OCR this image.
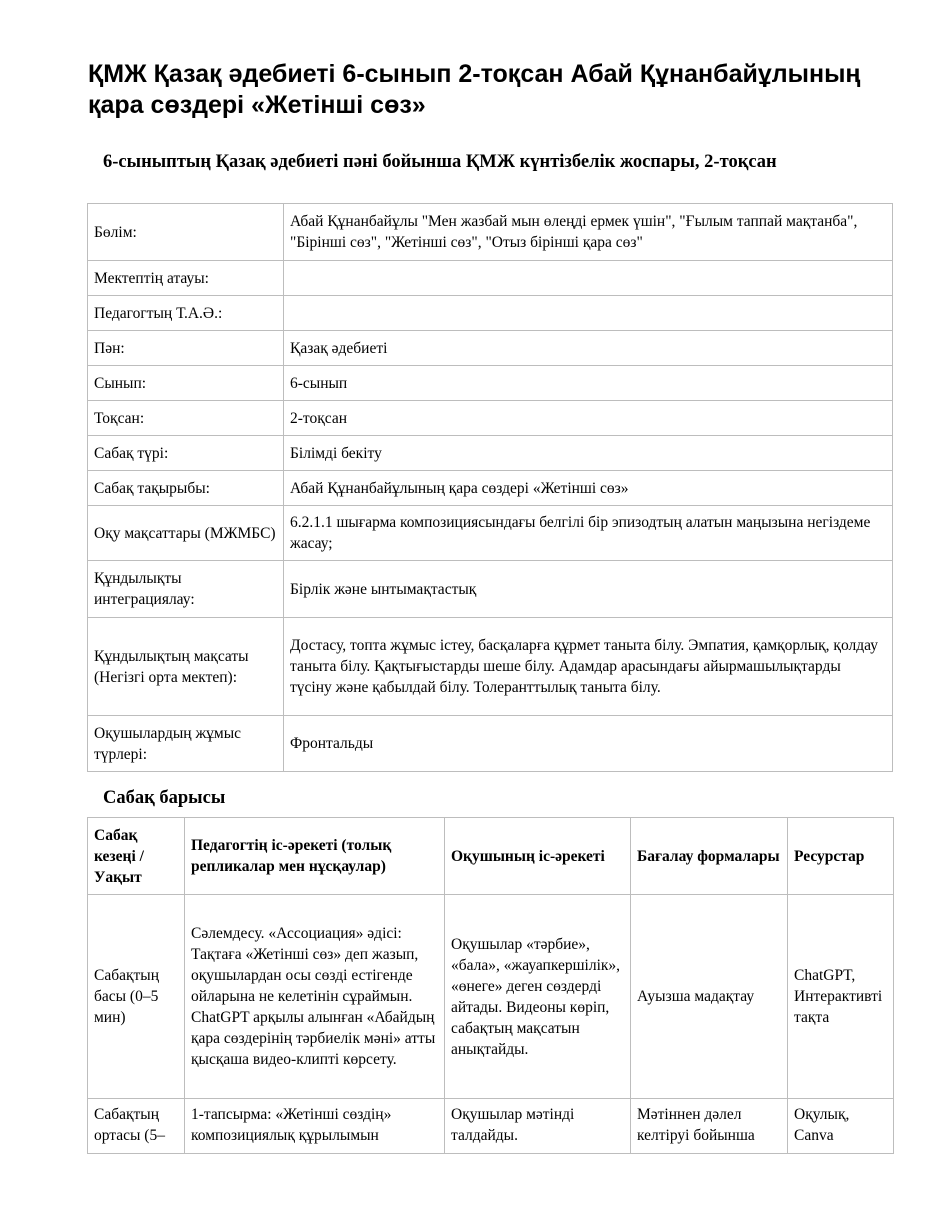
ҚМЖ Қазақ әдебиеті 6-сынып 2-тоқсан Абай Құнанбайұлының қара сөздері «Жетінші сөз»
6-сыныптың Қазақ әдебиеті пәні бойынша ҚМЖ күнтізбелік жоспары, 2-тоқсан
Бөлім:	Абай Құнанбайұлы "Мен жазбай мын өлеңді ермек үшін", "Ғылым таппай мақтанба", "Бірінші сөз", "Жетінші сөз", "Отыз бірінші қара сөз"
Мектептің атауы:	
Педагогтың Т.А.Ә.:	
Пән:	Қазақ әдебиеті
Сынып:	6-сынып
Тоқсан:	2-тоқсан
Сабақ түрі:	Білімді бекіту
Сабақ тақырыбы:	Абай Құнанбайұлының қара сөздері «Жетінші сөз»
Оқу мақсаттары (МЖМБС)	6.2.1.1 шығарма композициясындағы белгілі бір эпизодтың алатын маңызына негіздеме жасау;
Құндылықты интеграциялау:	Бірлік және ынтымақтастық
Құндылықтың мақсаты (Негізгі орта мектеп):	Достасу, топта жұмыс істеу, басқаларға құрмет таныта білу. Эмпатия, қамқорлық, қолдау таныта білу. Қақтығыстарды шеше білу. Адамдар арасындағы айырмашылықтарды түсіну және қабылдай білу. Толеранттылық таныта білу.
Оқушылардың жұмыс түрлері:	Фронтальды
Сабақ барысы
Сабақ кезеңі / Уақыт	Педагогтің іс-әрекеті (толық репликалар мен нұсқаулар)	Оқушының іс-әрекеті	Бағалау формалары	Ресурстар
Сабақтың басы (0–5 мин)	Сәлемдесу. «Ассоциация» әдісі: Тақтаға «Жетінші сөз» деп жазып, оқушылардан осы сөзді естігенде ойларына не келетінін сұраймын. ChatGPT арқылы алынған «Абайдың қара сөздерінің тәрбиелік мәні» атты қысқаша видео-клипті көрсету.	Оқушылар «тәрбие», «бала», «жауапкершілік», «өнеге» деген сөздерді айтады. Видеоны көріп, сабақтың мақсатын анықтайды.	Ауызша мадақтау	ChatGPT, Интерактивті тақта
Сабақтың ортасы (5–	1-тапсырма: «Жетінші сөздің» композициялық құрылымын	Оқушылар мәтінді талдайды.	Мәтіннен дәлел келтіруі бойынша	Оқулық, Canva
